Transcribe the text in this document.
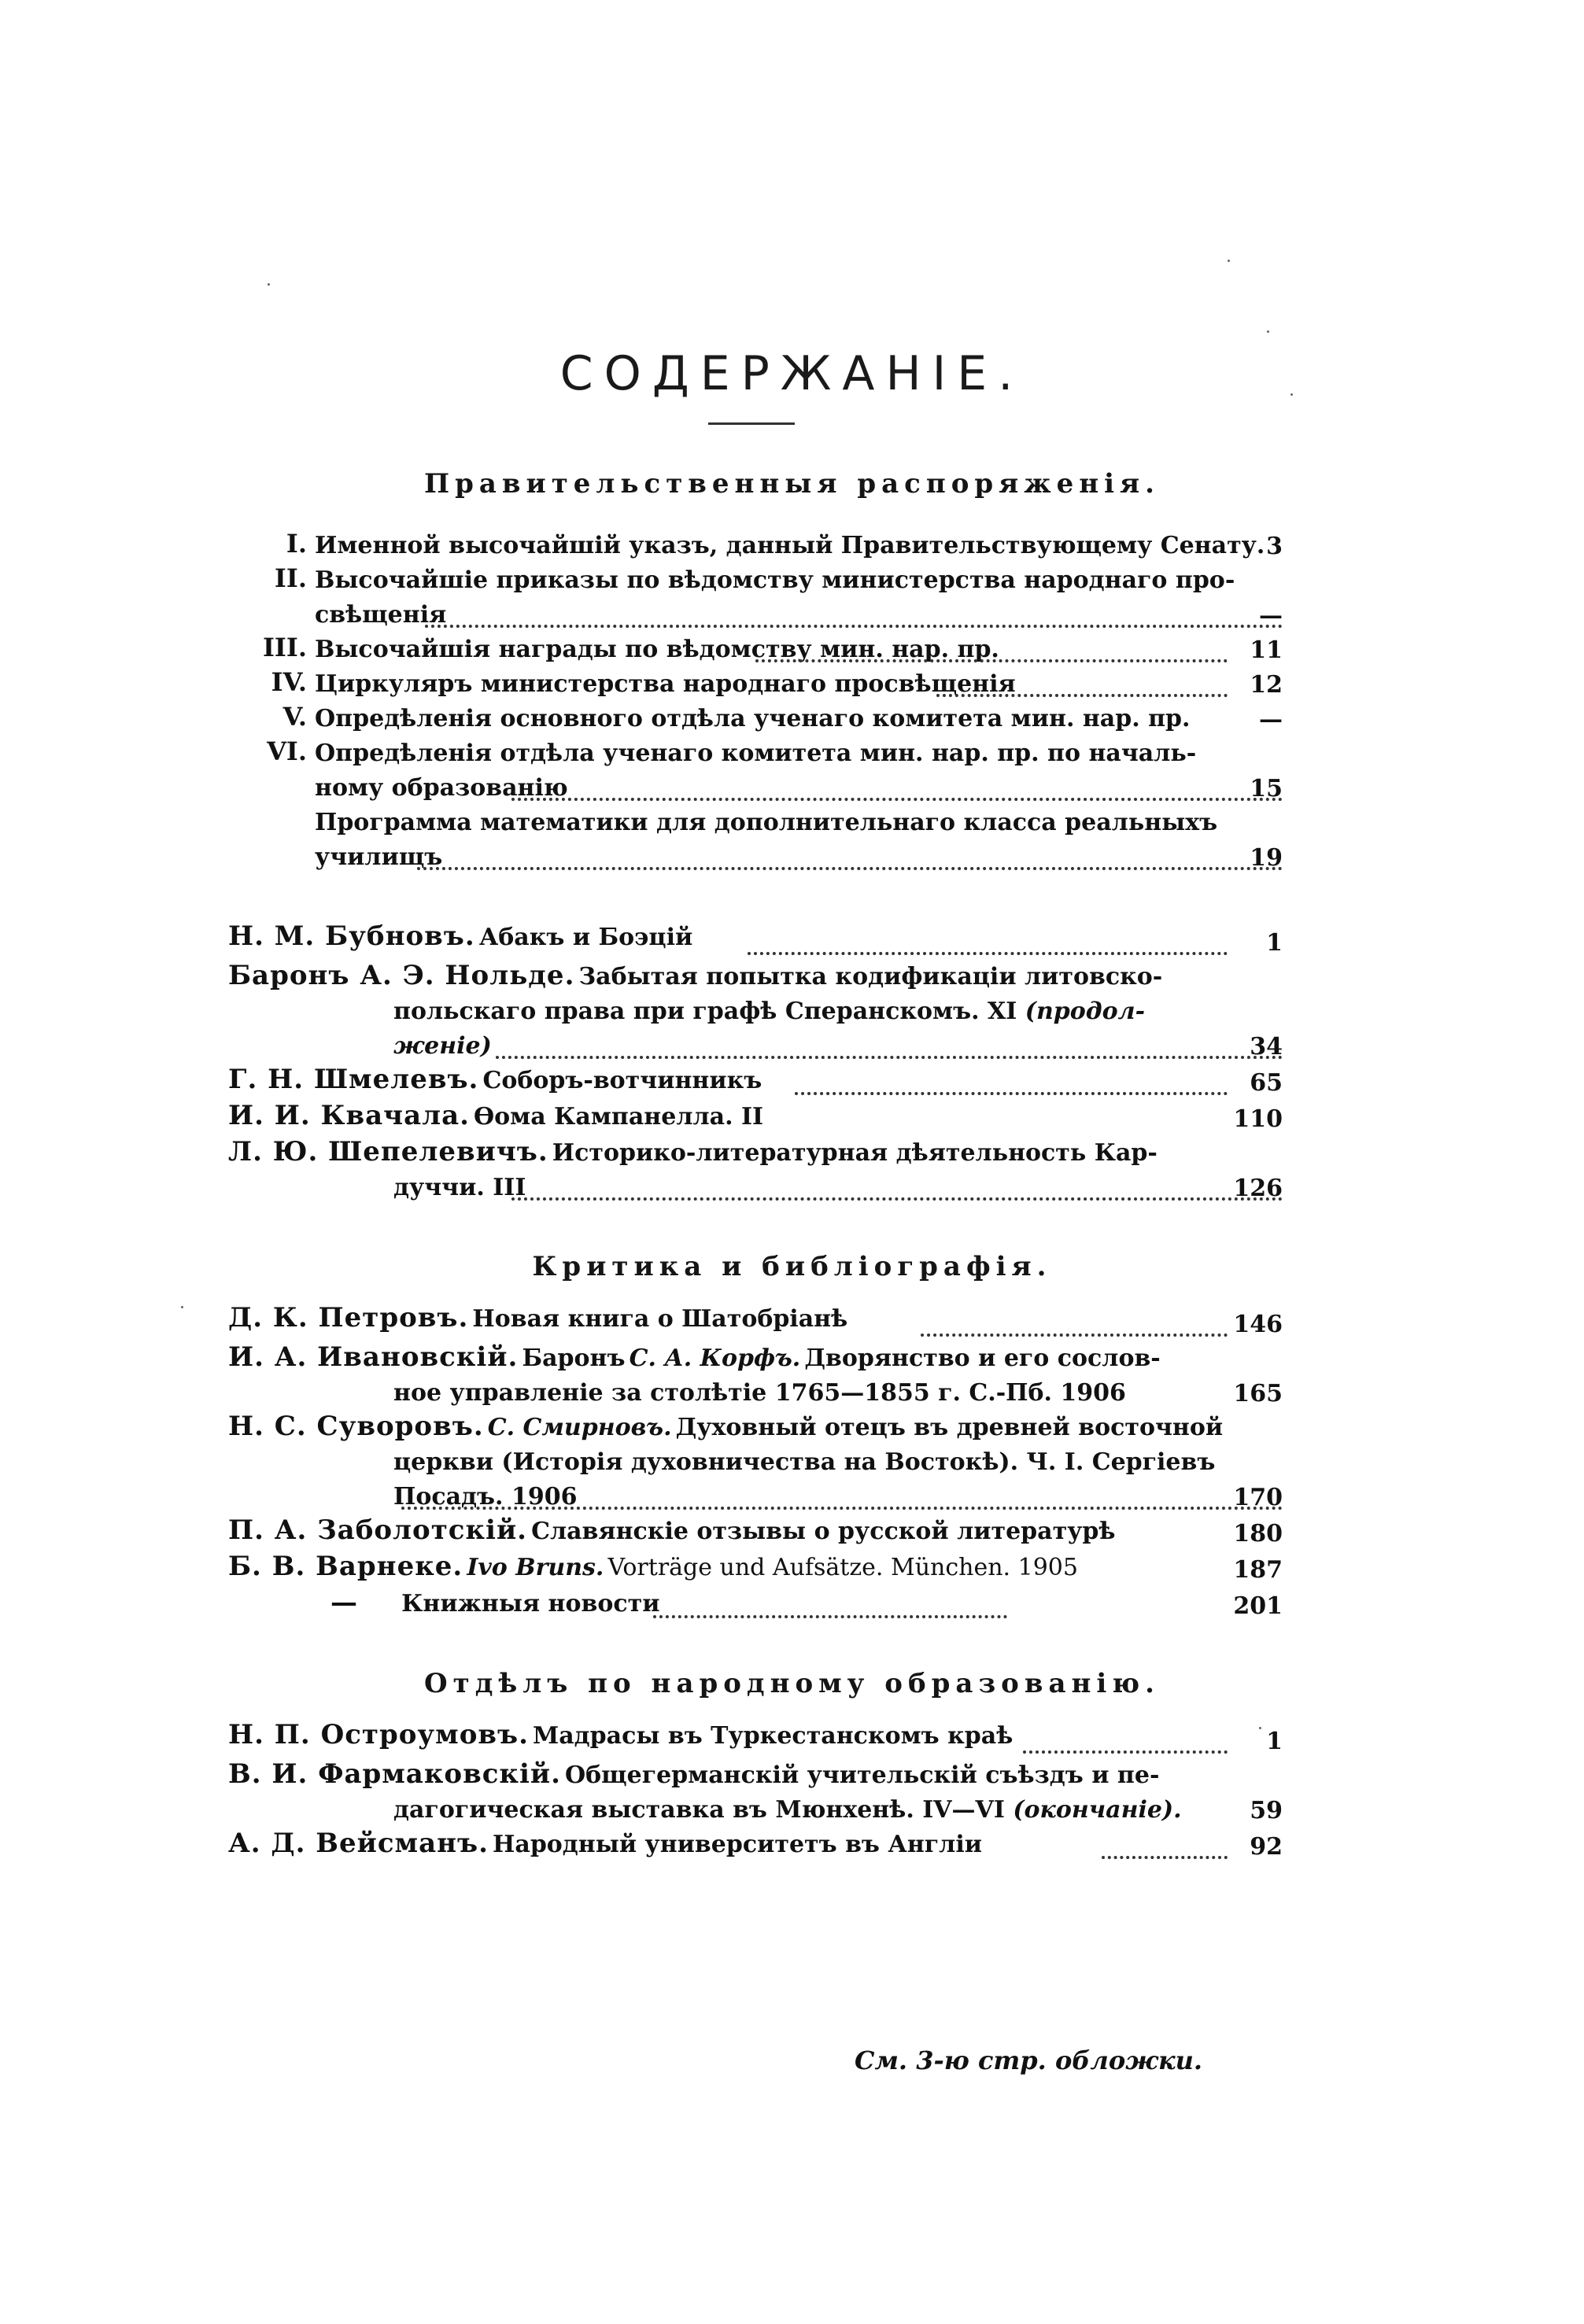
СОДЕРЖАНІЕ.
Правительственныя распоряженія.
I. Именной высочайшій указъ, данный Правительствующему Сенату. 3
II. Высочайшіе приказы по вѣдомству министерства народнаго про-
свѣщенія	—
III. Высочайшія награды по вѣдомству мин. нар. пр.	11
IV. Циркуляръ министерства народнаго просвѣщенія	12
V. Опредѣленія основного отдѣла ученаго комитета мин. нар. пр.	—
VI. Опредѣленія отдѣла ученаго комитета мин. нар. пр. по началь-
ному образованію	15
Программа математики для дополнительнаго класса реальныхъ
училищъ	19
Н. М. Бубновъ. Абакъ и Боэцій	1
Баронъ А. Э. Нольде. Забытая попытка кодификаціи литовско-
польскаго права при графѣ Сперанскомъ. XI (продол-
женіе)	34
Г. Н. Шмелевъ. Соборъ-вотчинникъ	65
И. И. Квачала. Ѳома Кампанелла. II	110
Л. Ю. Шепелевичъ. Историко-литературная дѣятельность Кар-
дуччи. III	126
Критика и библіографія.
Д. К. Петровъ. Новая книга о Шатобріанѣ	146
И. А. Ивановскій. Баронъ С. А. Корфъ. Дворянство и его сослов-
ное управленіе за столѣтіе 1765—1855 г. С.-Пб. 1906	165
Н. С. Суворовъ. С. Смирновъ. Духовный отецъ въ древней восточной
церкви (Исторія духовничества на Востокѣ). Ч. I. Сергіевъ
Посадъ. 1906	170
П. А. Заболотскій. Славянскіе отзывы о русской литературѣ	180
Б. В. Варнеке. Ivo Bruns. Vorträge und Aufsätze. München. 1905	187
— Книжныя новости	201
Отдѣлъ по народному образованію.
Н. П. Остроумовъ. Мадрасы въ Туркестанскомъ краѣ	1
В. И. Фармаковскій. Общегерманскій учительскій съѣздъ и пе-
дагогическая выставка въ Мюнхенѣ. IV—VI (окончаніе).	59
А. Д. Вейсманъ. Народный университетъ въ Англіи	92
См. 3-ю стр. обложки.
